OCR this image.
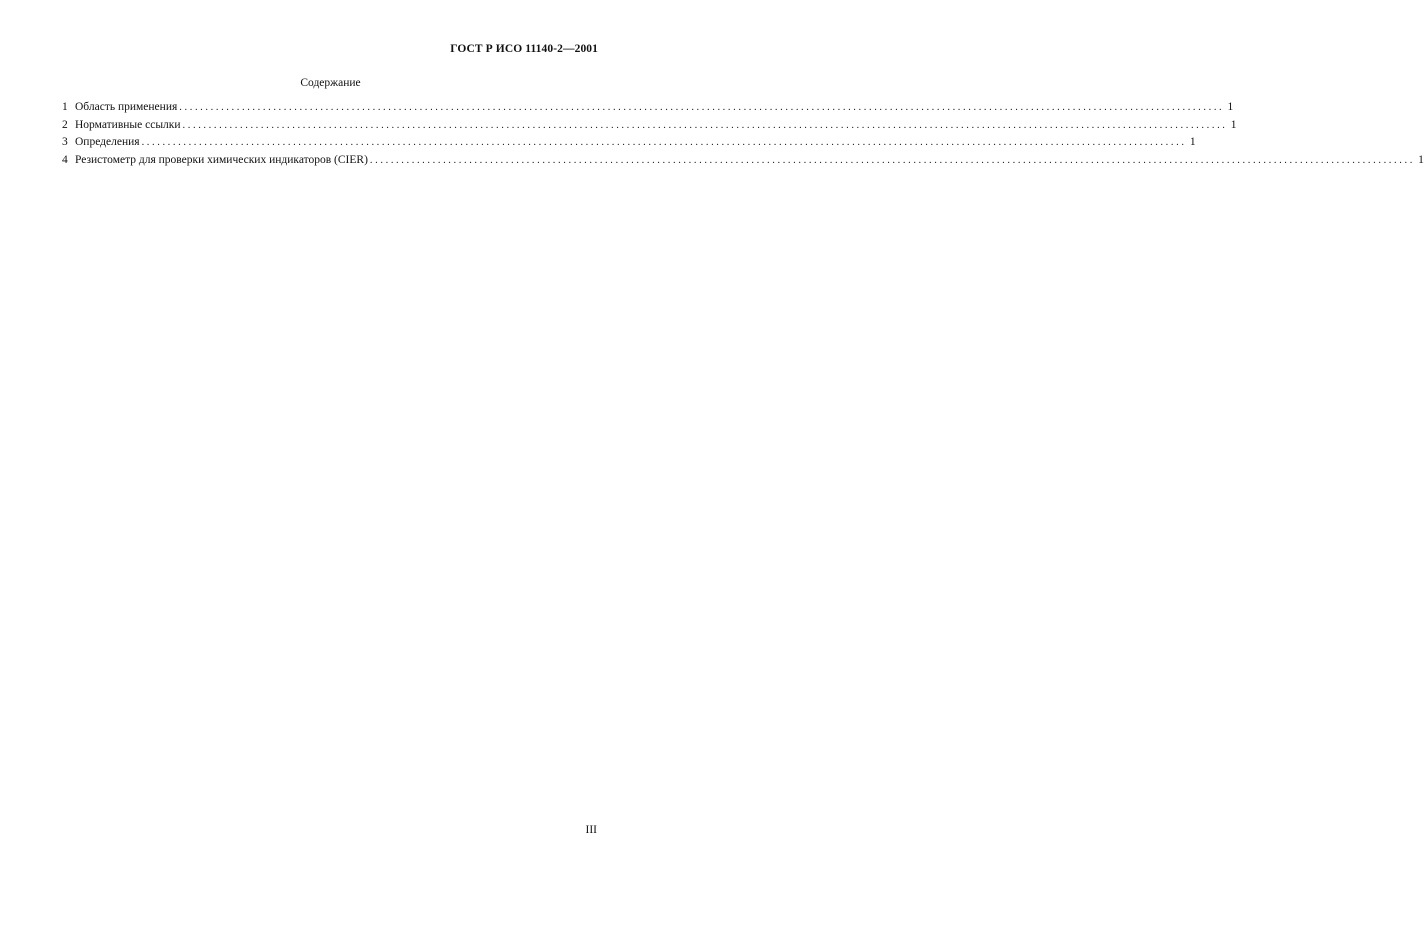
ГОСТ Р ИСО 11140-2—2001
Содержание
1 Область применения ........................................................................................................................................................................................................ 1
2 Нормативные ссылки ........................................................................................................................................................................................................ 1
3 Определения ........................................................................................................................................................................................................ 1
4 Резистометр для проверки химических индикаторов (CIER) ........................................................................................................................................................................................................ 1
III
